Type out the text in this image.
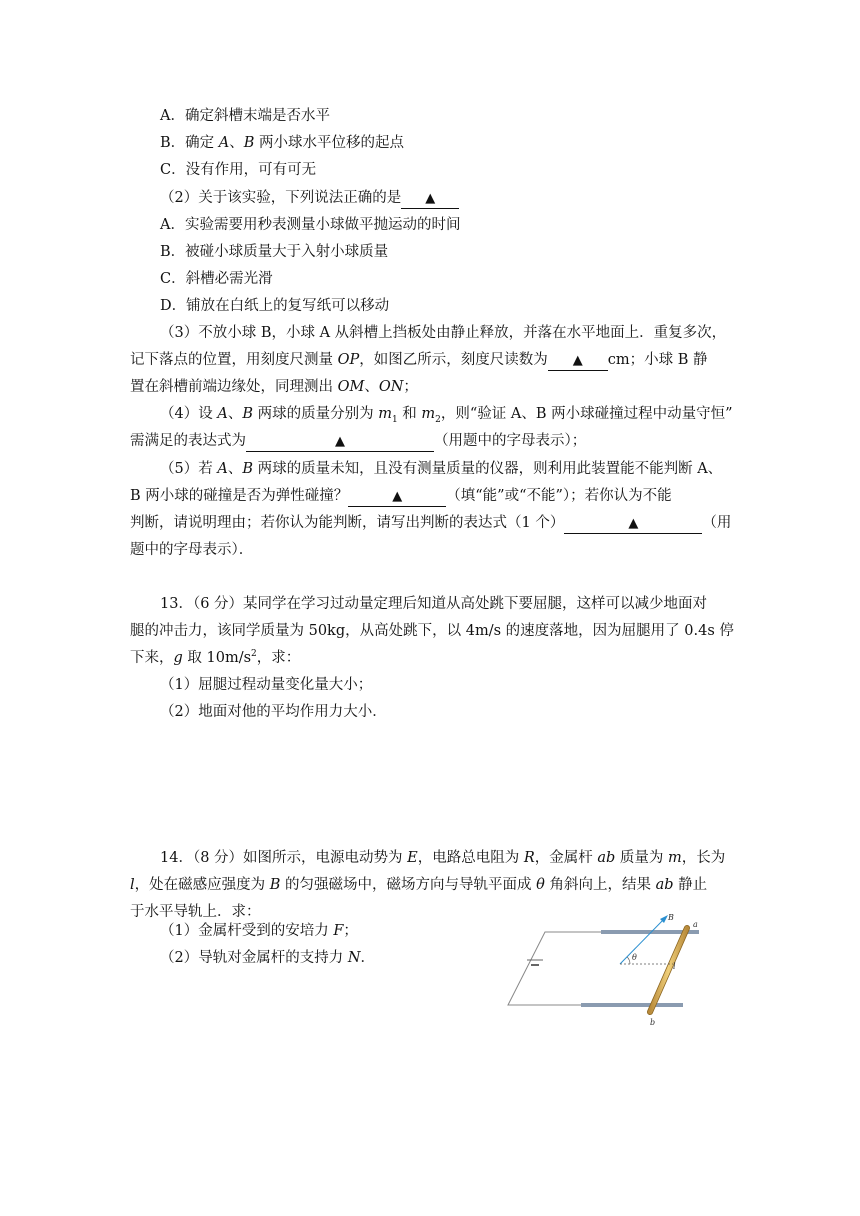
A．确定斜槽末端是否水平
B．确定 A、B 两小球水平位移的起点
C．没有作用，可有可无
（2）关于该实验，下列说法正确的是 ▲
A．实验需要用秒表测量小球做平抛运动的时间
B．被碰小球质量大于入射小球质量
C．斜槽必需光滑
D．铺放在白纸上的复写纸可以移动
（3）不放小球 B，小球 A 从斜槽上挡板处由静止释放，并落在水平地面上．重复多次，
记下落点的位置，用刻度尺测量 OP，如图乙所示，刻度尺读数为 ▲ cm；小球 B 静
置在斜槽前端边缘处，同理测出 OM、ON；
（4）设 A、B 两球的质量分别为 $m_1$ 和 $m_2$，则“验证 A、B 两小球碰撞过程中动量守恒”
需满足的表达式为	▲	（用题中的字母表示）；
（5）若 A、B 两球的质量未知，且没有测量质量的仪器，则利用此装置能不能判断 A、
B 两小球的碰撞是否为弹性碰撞？	▲	（填“能”或“不能”）；若你认为不能
判断，请说明理由；若你认为能判断，请写出判断的表达式（1 个）	▲	（用
题中的字母表示）．
13．（6 分）某同学在学习过动量定理后知道从高处跳下要屈腿，这样可以减少地面对
腿的冲击力，该同学质量为 50kg，从高处跳下，以 4m/s 的速度落地，因为屈腿用了 0.4s 停
下来，g 取 $10m/s^2$，求：
（1）屈腿过程动量变化量大小；
（2）地面对他的平均作用力大小．
14．（8 分）如图所示，电源电动势为 E，电路总电阻为 R，金属杆 ab 质量为 m，长为
l，处在磁感应强度为 B 的匀强磁场中，磁场方向与导轨平面成 θ 角斜向上，结果 ab 静止
于水平导轨上．求：
（1）金属杆受到的安培力 F；
（2）导轨对金属杆的支持力 N．
B
a
θ
l
b
